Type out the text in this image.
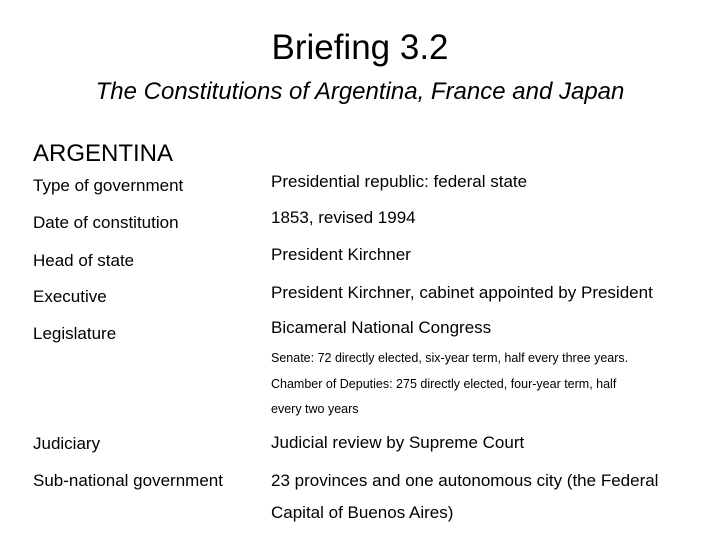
Briefing 3.2
The Constitutions of Argentina, France and Japan
ARGENTINA
Type of government	Presidential republic: federal state
Date of constitution	1853, revised 1994
Head of state	President Kirchner
Executive	President Kirchner, cabinet appointed by President
Legislature	Bicameral National Congress
Senate: 72 directly elected, six-year term, half every three years.
Chamber of Deputies: 275 directly elected, four-year term, half
every two years
Judiciary	Judicial review by Supreme Court
Sub-national government	23 provinces and one autonomous city (the Federal
Capital of Buenos Aires)
